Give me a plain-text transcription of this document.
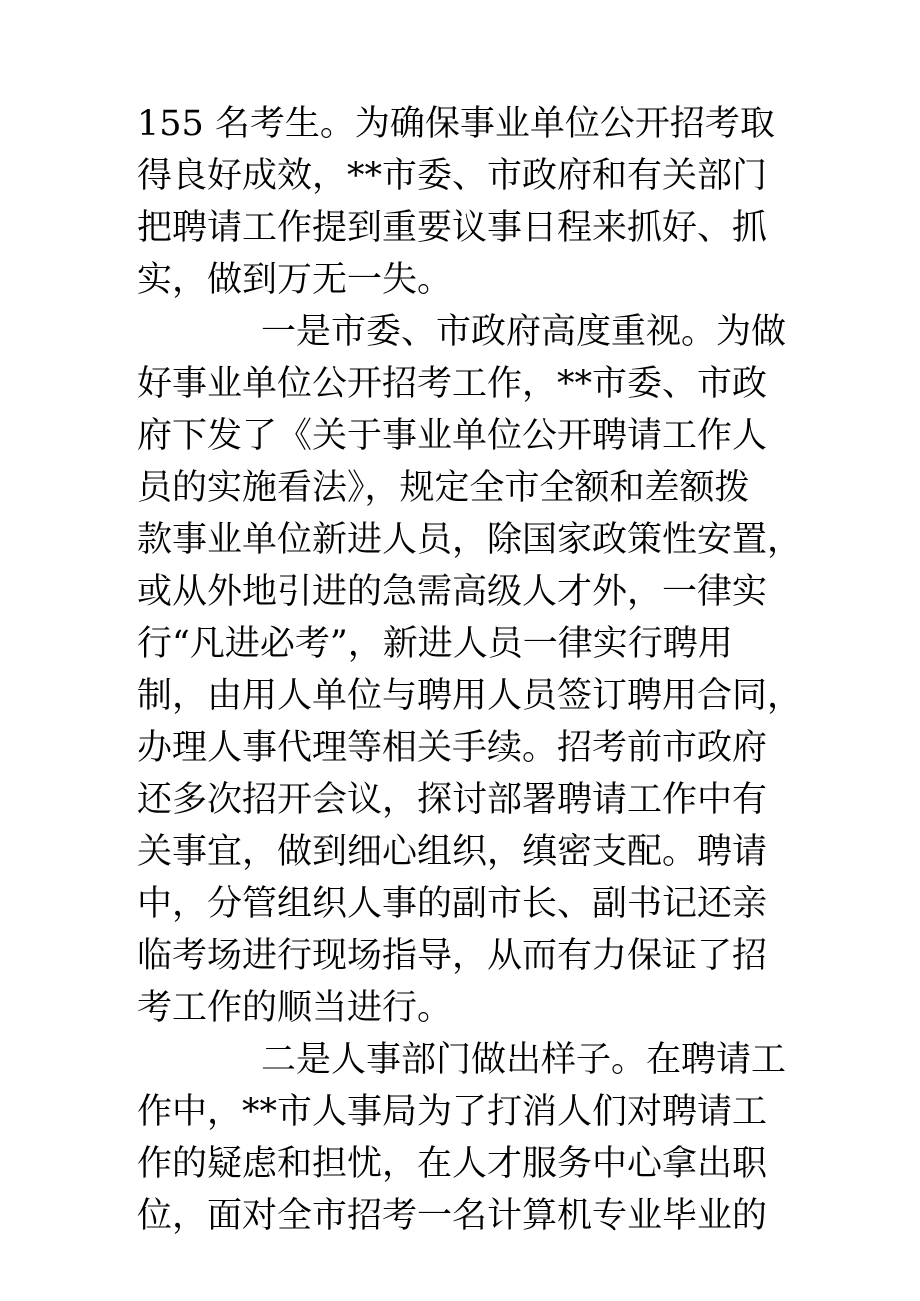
155 名考生。为确保事业单位公开招考取
得良好成效，**市委、市政府和有关部门
把聘请工作提到重要议事日程来抓好、抓
实，做到万无一失。
一是市委、市政府高度重视。为做
好事业单位公开招考工作，**市委、市政
府下发了《关于事业单位公开聘请工作人
员的实施看法》，规定全市全额和差额拨
款事业单位新进人员，除国家政策性安置，
或从外地引进的急需高级人才外，一律实
行“凡进必考”，新进人员一律实行聘用
制，由用人单位与聘用人员签订聘用合同，
办理人事代理等相关手续。招考前市政府
还多次招开会议，探讨部署聘请工作中有
关事宜，做到细心组织，缜密支配。聘请
中，分管组织人事的副市长、副书记还亲
临考场进行现场指导，从而有力保证了招
考工作的顺当进行。
二是人事部门做出样子。在聘请工
作中，**市人事局为了打消人们对聘请工
作的疑虑和担忧，在人才服务中心拿出职
位，面对全市招考一名计算机专业毕业的
